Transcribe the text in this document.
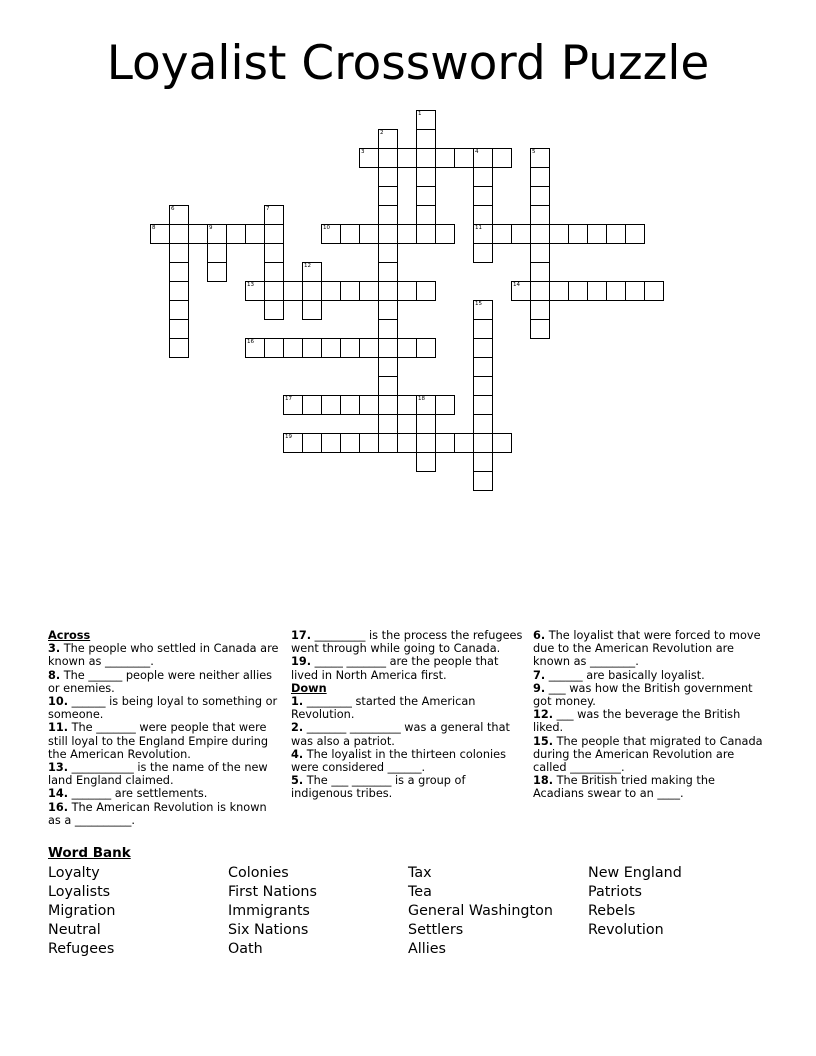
Loyalist Crossword Puzzle
1
2
3	4
11
5
6	7
8	9	10
12
13	14
15
16
17	18
19
Across
3. The people who settled in Canada are known as ________.
8. The ______ people were neither allies or enemies.
10. ______ is being loyal to something or someone.
11. The _______ were people that were still loyal to the England Empire during the American Revolution.
13. ___________ is the name of the new land England claimed.
14. _______ are settlements.
16. The American Revolution is known as a __________.
17. _________ is the process the refugees went through while going to Canada.
19. _____ _______ are the people that lived in North America first.
Down
1. ________ started the American Revolution.
2. _______ _________ was a general that was also a patriot.
4. The loyalist in the thirteen colonies were considered ______.
5. The ___ _______ is a group of indigenous tribes.
6. The loyalist that were forced to move due to the American Revolution are known as ________.
7. ______ are basically loyalist.
9. ___ was how the British government got money.
12. ___ was the beverage the British liked.
15. The people that migrated to Canada during the American Revolution are called _________.
18. The British tried making the Acadians swear to an ____.
Word Bank
Loyalty
Loyalists
Migration
Neutral
Refugees
Colonies
First Nations
Immigrants
Six Nations
Oath
Tax
Tea
General Washington
Settlers
Allies
New England
Patriots
Rebels
Revolution
